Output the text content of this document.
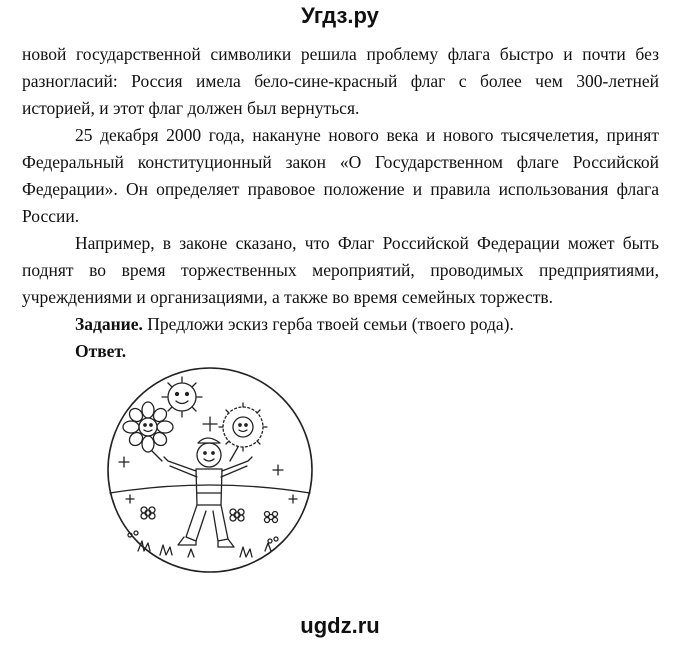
Угдз.ру

новой государственной символики решила проблему флага быстро и почти без разногласий: Россия имела бело-сине-красный флаг с более чем 300-летней историей, и этот флаг должен был вернуться.

25 декабря 2000 года, накануне нового века и нового тысячелетия, принят Федеральный конституционный закон «О Государственном флаге Российской Федерации». Он определяет правовое положение и правила использования флага России.

Например, в законе сказано, что Флаг Российской Федерации может быть поднят во время торжественных мероприятий, проводимых предприятиями, учреждениями и организациями, а также во время семейных торжеств.

Задание. Предложи эскиз герба твоей семьи (твоего рода).

Ответ.

ugdz.ru
